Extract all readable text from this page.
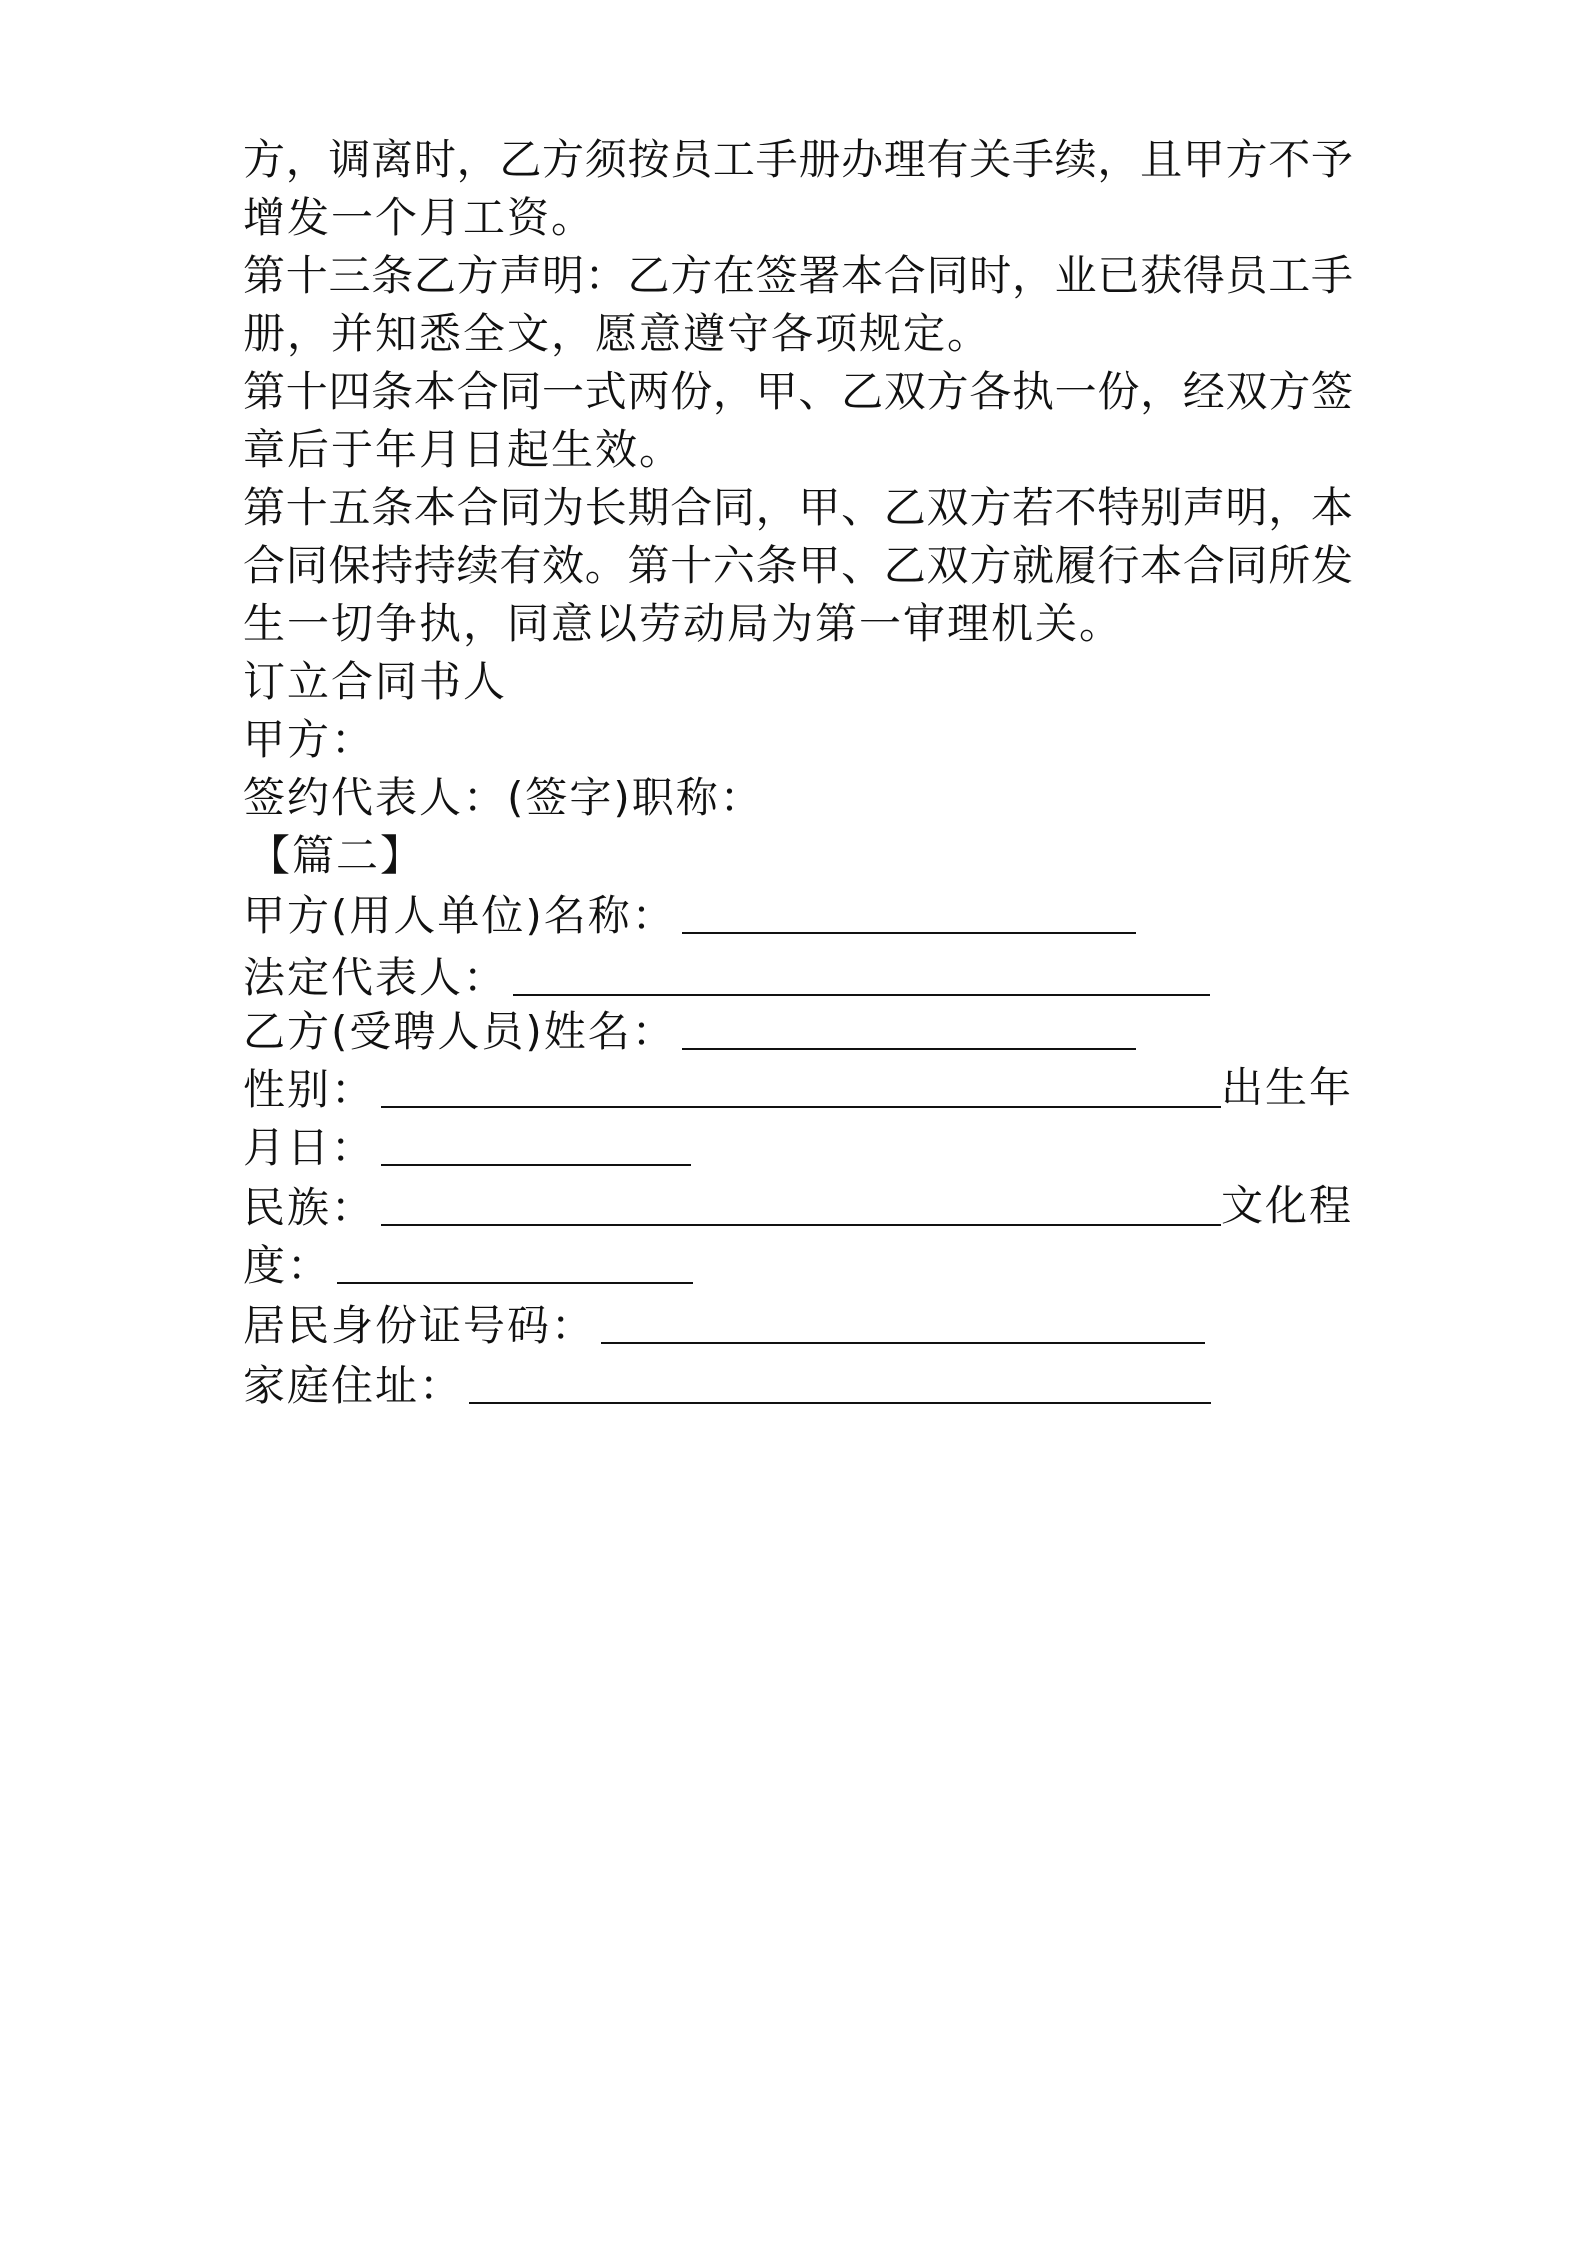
方，调离时，乙方须按员工手册办理有关手续，且甲方不予
增发一个月工资。
第十三条乙方声明：乙方在签署本合同时，业已获得员工手
册，并知悉全文，愿意遵守各项规定。
第十四条本合同一式两份，甲、乙双方各执一份，经双方签
章后于年月日起生效。
第十五条本合同为长期合同，甲、乙双方若不特别声明，本
合同保持持续有效。第十六条甲、乙双方就履行本合同所发
生一切争执，同意以劳动局为第一审理机关。
订立合同书人
甲方：
签约代表人：(签字)职称：
【篇二】
甲方(用人单位)名称：
法定代表人：
乙方(受聘人员)姓名：
性别：	出生年
月日：
民族：	文化程
度：
居民身份证号码：
家庭住址：
